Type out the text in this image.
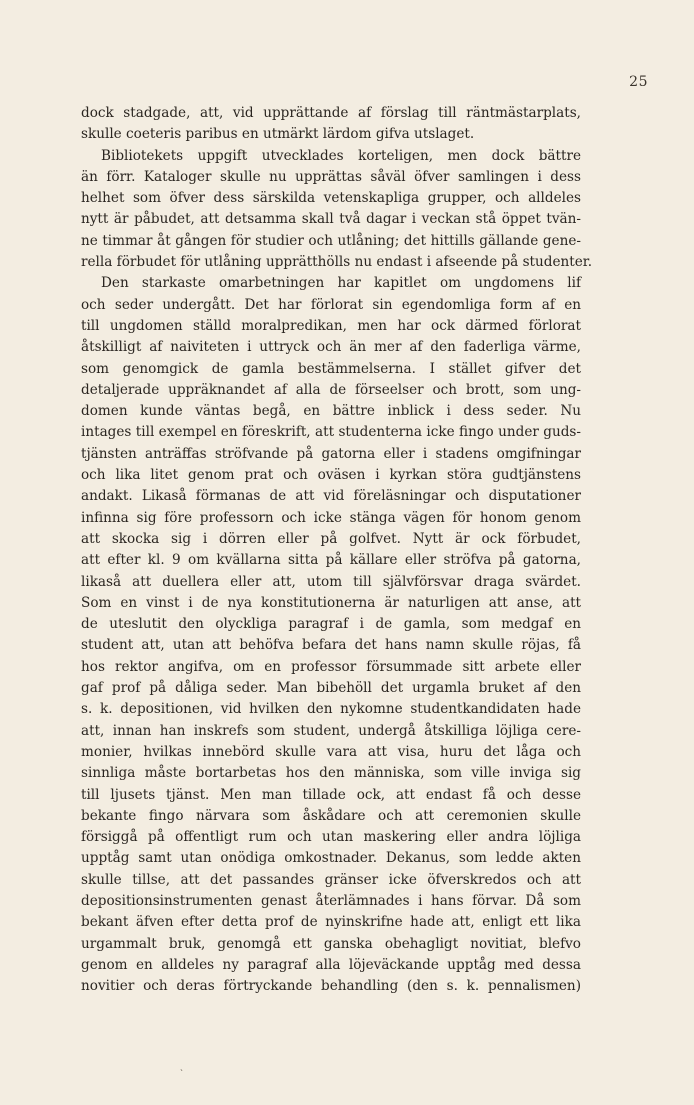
25
dock stadgade, att, vid upprättande af förslag till räntmästarplats,
skulle coeteris paribus en utmärkt lärdom gifva utslaget.
Bibliotekets uppgift utvecklades korteligen, men dock bättre
än förr. Kataloger skulle nu upprättas såväl öfver samlingen i dess
helhet som öfver dess särskilda vetenskapliga grupper, och alldeles
nytt är påbudet, att detsamma skall två dagar i veckan stå öppet tvän-
ne timmar åt gången för studier och utlåning; det hittills gällande gene-
rella förbudet för utlåning upprätthölls nu endast i afseende på studenter.
Den starkaste omarbetningen har kapitlet om ungdomens lif
och seder undergått. Det har förlorat sin egendomliga form af en
till ungdomen ställd moralpredikan, men har ock därmed förlorat
åtskilligt af naiviteten i uttryck och än mer af den faderliga värme,
som genomgick de gamla bestämmelserna. I stället gifver det
detaljerade uppräknandet af alla de förseelser och brott, som ung-
domen kunde väntas begå, en bättre inblick i dess seder. Nu
intages till exempel en föreskrift, att studenterna icke fingo under guds-
tjänsten anträffas ströfvande på gatorna eller i stadens omgifningar
och lika litet genom prat och oväsen i kyrkan störa gudtjänstens
andakt. Likaså förmanas de att vid föreläsningar och disputationer
infinna sig före professorn och icke stänga vägen för honom genom
att skocka sig i dörren eller på golfvet. Nytt är ock förbudet,
att efter kl. 9 om kvällarna sitta på källare eller ströfva på gatorna,
likaså att duellera eller att, utom till självförsvar draga svärdet.
Som en vinst i de nya konstitutionerna är naturligen att anse, att
de uteslutit den olyckliga paragraf i de gamla, som medgaf en
student att, utan att behöfva befara det hans namn skulle röjas, få
hos rektor angifva, om en professor försummade sitt arbete eller
gaf prof på dåliga seder. Man bibehöll det urgamla bruket af den
s. k. depositionen, vid hvilken den nykomne studentkandidaten hade
att, innan han inskrefs som student, undergå åtskilliga löjliga cere-
monier, hvilkas innebörd skulle vara att visa, huru det låga och
sinnliga måste bortarbetas hos den människa, som ville inviga sig
till ljusets tjänst. Men man tillade ock, att endast få och desse
bekante fingo närvara som åskådare och att ceremonien skulle
försiggå på offentligt rum och utan maskering eller andra löjliga
upptåg samt utan onödiga omkostnader. Dekanus, som ledde akten
skulle tillse, att det passandes gränser icke öfverskredos och att
depositionsinstrumenten genast återlämnades i hans förvar. Då som
bekant äfven efter detta prof de nyinskrifne hade att, enligt ett lika
urgammalt bruk, genomgå ett ganska obehagligt novitiat, blefvo
genom en alldeles ny paragraf alla löjeväckande upptåg med dessa
novitier och deras förtryckande behandling (den s. k. pennalismen)
ˎ
